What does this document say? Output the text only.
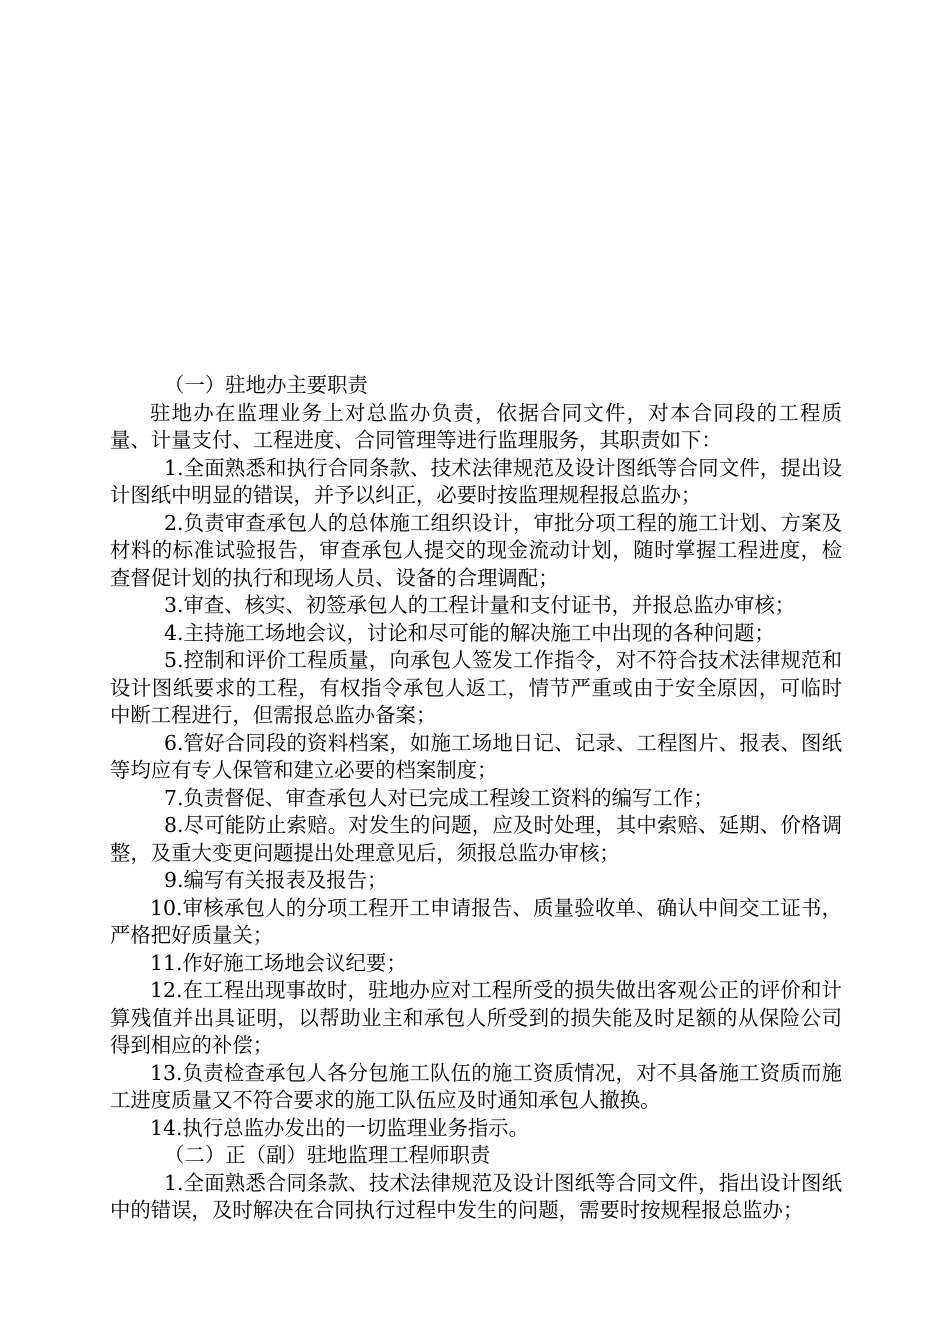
（一）驻地办主要职责

驻地办在监理业务上对总监办负责，依据合同文件，对本合同段的工程质量、计量支付、工程进度、合同管理等进行监理服务，其职责如下：

1.全面熟悉和执行合同条款、技术法律规范及设计图纸等合同文件，提出设计图纸中明显的错误，并予以纠正，必要时按监理规程报总监办；

2.负责审查承包人的总体施工组织设计，审批分项工程的施工计划、方案及材料的标准试验报告，审查承包人提交的现金流动计划，随时掌握工程进度，检查督促计划的执行和现场人员、设备的合理调配；

3.审查、核实、初签承包人的工程计量和支付证书，并报总监办审核；

4.主持施工场地会议，讨论和尽可能的解决施工中出现的各种问题；

5.控制和评价工程质量，向承包人签发工作指令，对不符合技术法律规范和设计图纸要求的工程，有权指令承包人返工，情节严重或由于安全原因，可临时中断工程进行，但需报总监办备案；

6.管好合同段的资料档案，如施工场地日记、记录、工程图片、报表、图纸等均应有专人保管和建立必要的档案制度；

7.负责督促、审查承包人对已完成工程竣工资料的编写工作；

8.尽可能防止索赔。对发生的问题，应及时处理，其中索赔、延期、价格调整，及重大变更问题提出处理意见后，须报总监办审核；

9.编写有关报表及报告；

10.审核承包人的分项工程开工申请报告、质量验收单、确认中间交工证书，严格把好质量关；

11.作好施工场地会议纪要；

12.在工程出现事故时，驻地办应对工程所受的损失做出客观公正的评价和计算残值并出具证明，以帮助业主和承包人所受到的损失能及时足额的从保险公司得到相应的补偿；

13.负责检查承包人各分包施工队伍的施工资质情况，对不具备施工资质而施工进度质量又不符合要求的施工队伍应及时通知承包人撤换。

14.执行总监办发出的一切监理业务指示。

（二）正（副）驻地监理工程师职责

1.全面熟悉合同条款、技术法律规范及设计图纸等合同文件，指出设计图纸中的错误，及时解决在合同执行过程中发生的问题，需要时按规程报总监办；
